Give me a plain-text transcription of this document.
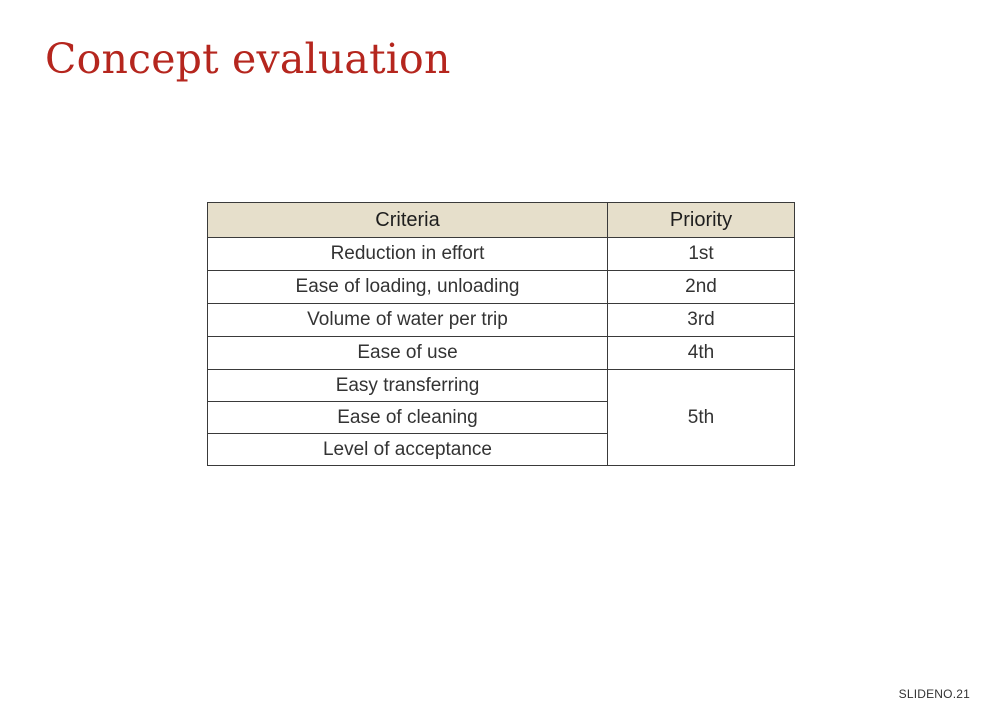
Concept evaluation
Criteria	Priority
Reduction in effort	1st
Ease of loading, unloading	2nd
Volume of water per trip	3rd
Ease of use	4th
Easy transferring	5th
Ease of cleaning	
Level of acceptance	
SLIDENO.21
